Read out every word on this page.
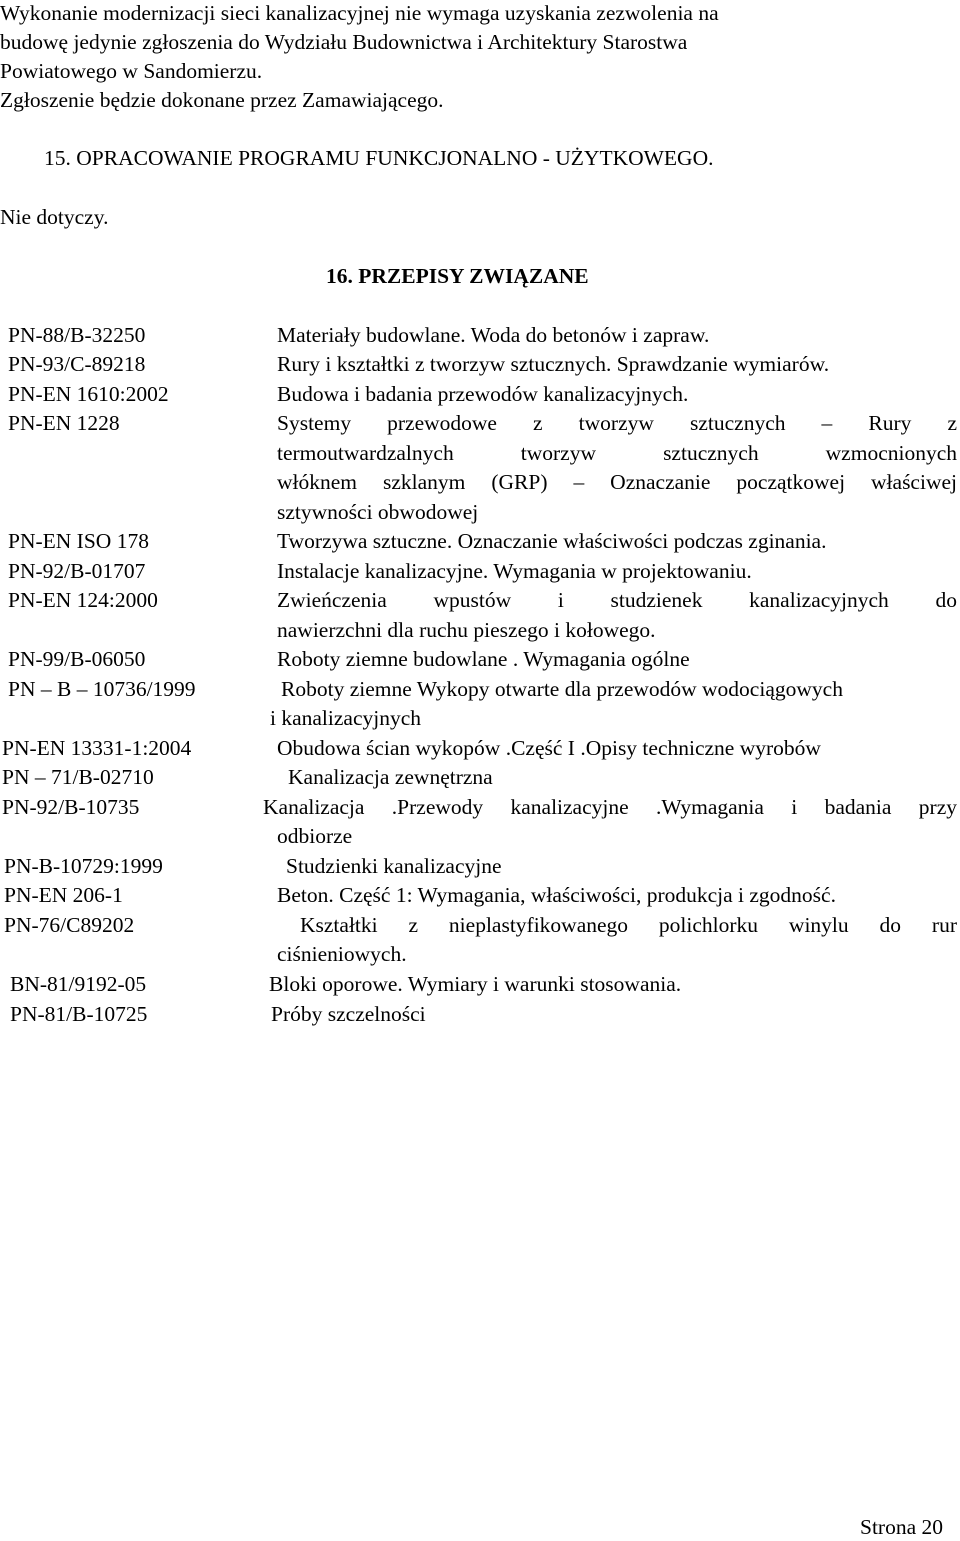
Wykonanie modernizacji sieci kanalizacyjnej nie wymaga uzyskania zezwolenia na
budowę jedynie zgłoszenia do Wydziału Budownictwa i Architektury Starostwa
Powiatowego w Sandomierzu.
Zgłoszenie będzie dokonane przez Zamawiającego.
15. OPRACOWANIE PROGRAMU FUNKCJONALNO - UŻYTKOWEGO.
Nie dotyczy.
16. PRZEPISY ZWIĄZANE
PN-88/B-32250	Materiały budowlane. Woda do betonów i zapraw.
PN-93/C-89218	Rury i kształtki z tworzyw sztucznych. Sprawdzanie wymiarów.
PN-EN 1610:2002	Budowa i badania przewodów kanalizacyjnych.
PN-EN 1228	Systemy przewodowe z tworzyw sztucznych – Rury z
termoutwardzalnych tworzyw sztucznych wzmocnionych
włóknem szklanym (GRP) – Oznaczanie początkowej właściwej
sztywności obwodowej
PN-EN ISO 178	Tworzywa sztuczne. Oznaczanie właściwości podczas zginania.
PN-92/B-01707	Instalacje kanalizacyjne. Wymagania w projektowaniu.
PN-EN 124:2000	Zwieńczenia wpustów i studzienek kanalizacyjnych do
nawierzchni dla ruchu pieszego i kołowego.
PN-99/B-06050	Roboty ziemne budowlane . Wymagania ogólne
PN – B – 10736/1999	Roboty ziemne Wykopy otwarte dla przewodów wodociągowych
i kanalizacyjnych
PN-EN 13331-1:2004	Obudowa ścian wykopów .Część I .Opisy techniczne wyrobów
PN – 71/B-02710	Kanalizacja zewnętrzna
PN-92/B-10735	Kanalizacja .Przewody kanalizacyjne .Wymagania i badania przy
odbiorze
PN-B-10729:1999	Studzienki kanalizacyjne
PN-EN 206-1	Beton. Część 1: Wymagania, właściwości, produkcja i zgodność.
PN-76/C89202	Kształtki z nieplastyfikowanego polichlorku winylu do rur
ciśnieniowych.
BN-81/9192-05	Bloki oporowe. Wymiary i warunki stosowania.
PN-81/B-10725	Próby szczelności
Strona 20
